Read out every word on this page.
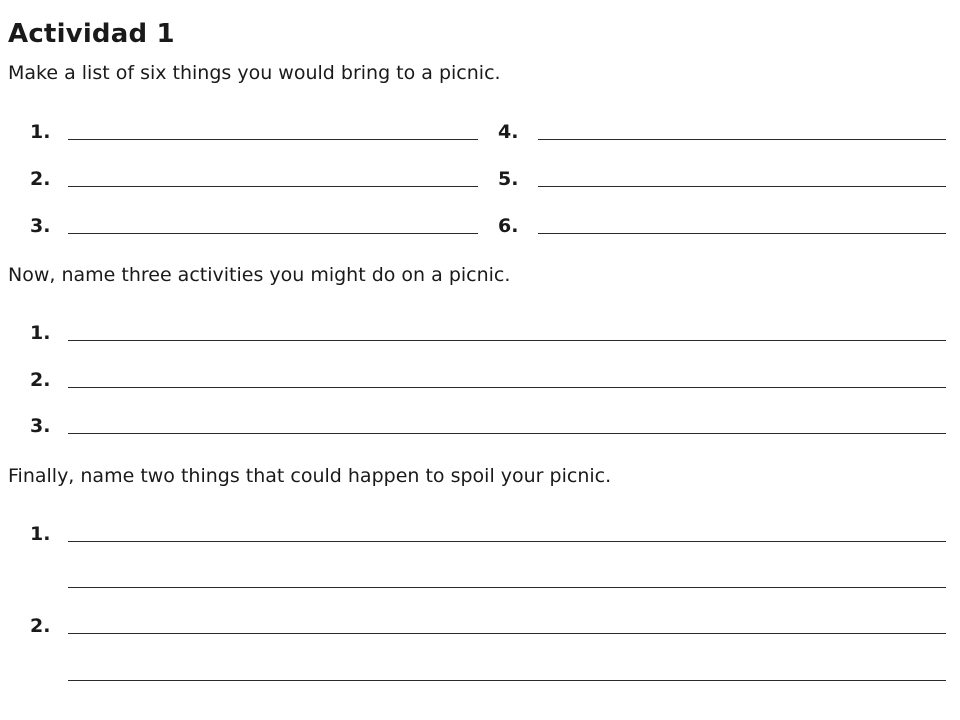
Actividad 1

Make a list of six things you would bring to a picnic.

1.
2.
3.
4.
5.
6.

Now, name three activities you might do on a picnic.

1.
2.
3.

Finally, name two things that could happen to spoil your picnic.

1.
2.
